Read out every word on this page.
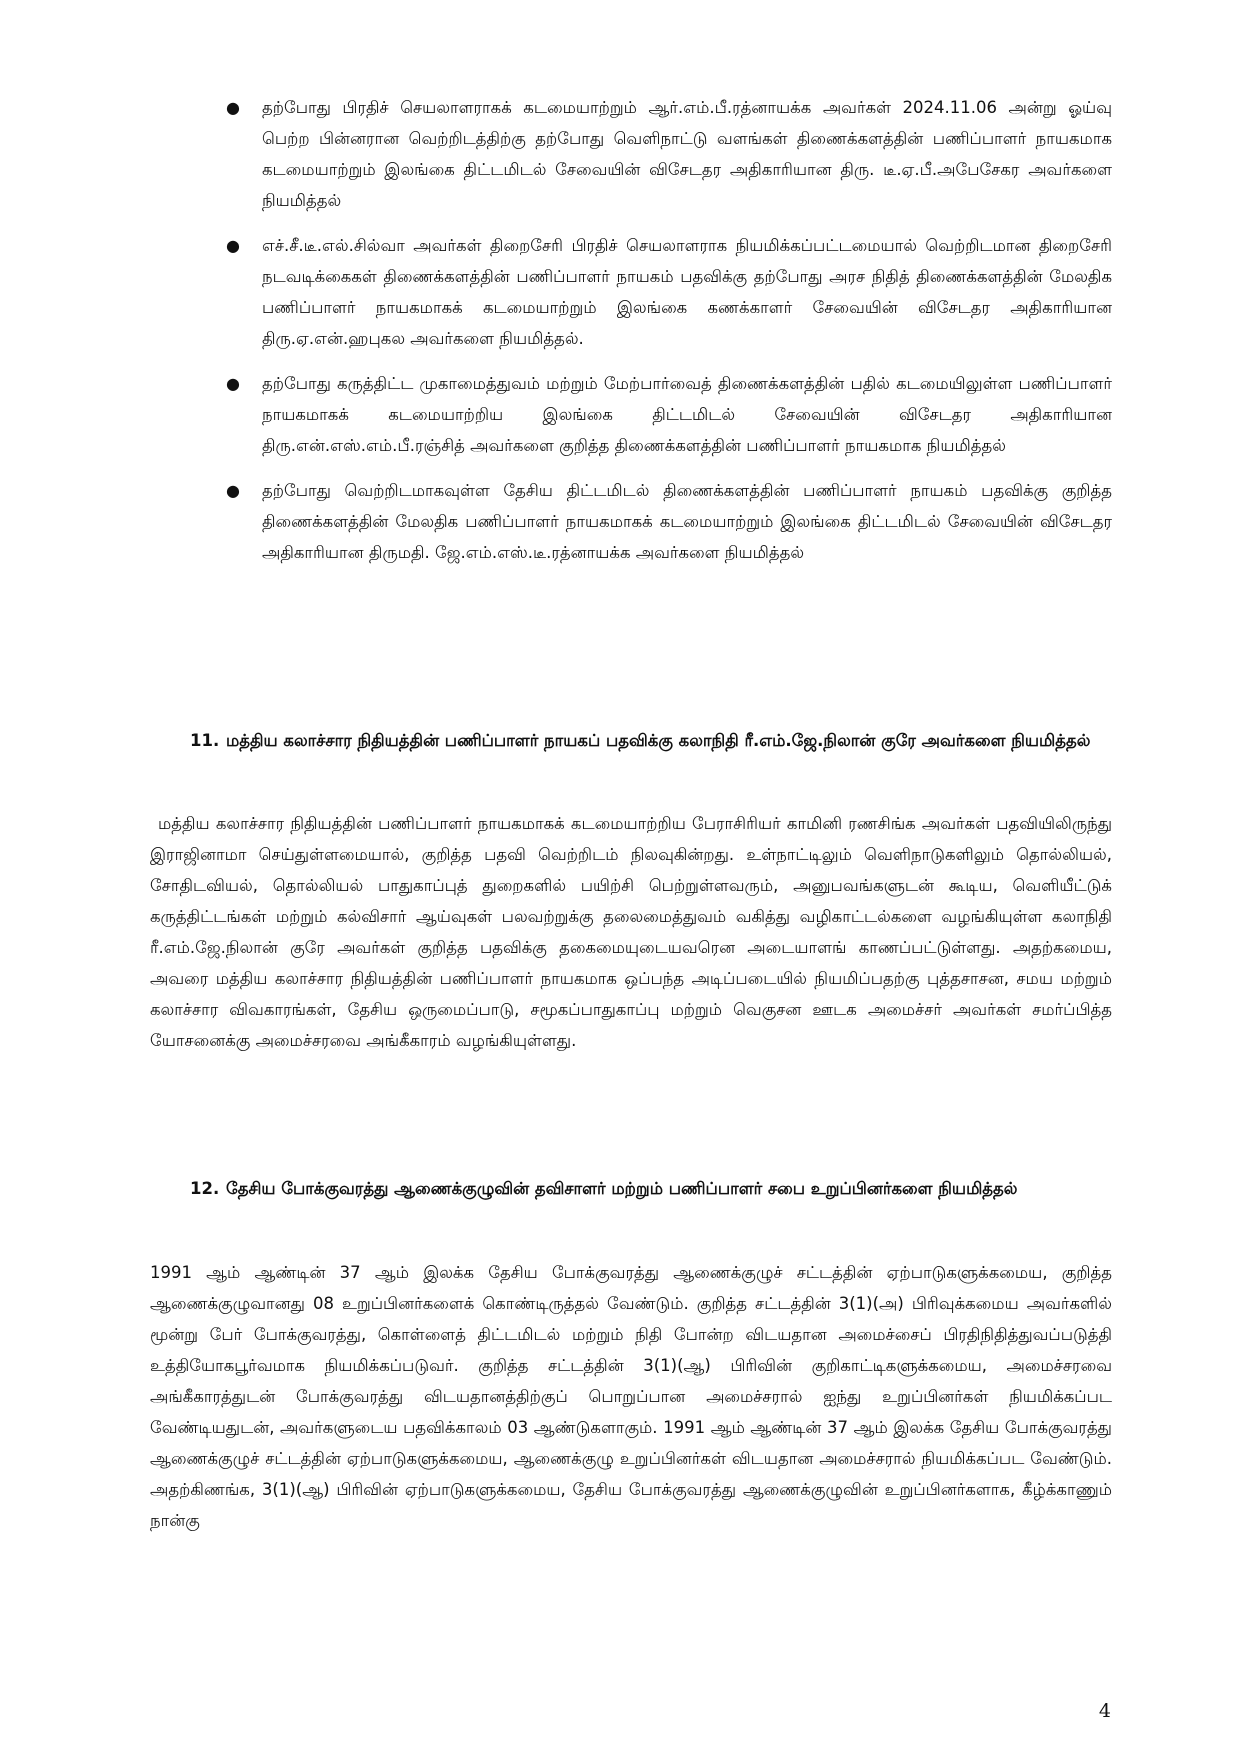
● தற்போது பிரதிச் செயலாளராகக் கடமையாற்றும் ஆர்.எம்.பீ.ரத்னாயக்க அவர்கள் 2024.11.06 அன்று ஓய்வு பெற்ற பின்னரான வெற்றிடத்திற்கு தற்போது வெளிநாட்டு வளங்கள் திணைக்களத்தின் பணிப்பாளர் நாயகமாக கடமையாற்றும் இலங்கை திட்டமிடல் சேவையின் விசேடதர அதிகாரியான திரு. டீ.ஏ.பீ.அபேசேகர அவர்களை நியமித்தல்
● எச்.சீ.டீ.எல்.சில்வா அவர்கள் திறைசேரி பிரதிச் செயலாளராக நியமிக்கப்பட்டமையால் வெற்றிடமான திறைசேரி நடவடிக்கைகள் திணைக்களத்தின் பணிப்பாளர் நாயகம் பதவிக்கு தற்போது அரச நிதித் திணைக்களத்தின் மேலதிக பணிப்பாளர் நாயகமாகக் கடமையாற்றும் இலங்கை கணக்காளர் சேவையின் விசேடதர அதிகாரியான திரு.ஏ.என்.ஹபுகல அவர்களை நியமித்தல்.
● தற்போது கருத்திட்ட முகாமைத்துவம் மற்றும் மேற்பார்வைத் திணைக்களத்தின் பதில் கடமையிலுள்ள பணிப்பாளர் நாயகமாகக் கடமையாற்றிய இலங்கை திட்டமிடல் சேவையின் விசேடதர அதிகாரியான திரு.என்.எஸ்.எம்.பீ.ரஞ்சித் அவர்களை குறித்த திணைக்களத்தின் பணிப்பாளர் நாயகமாக நியமித்தல்
● தற்போது வெற்றிடமாகவுள்ள தேசிய திட்டமிடல் திணைக்களத்தின் பணிப்பாளர் நாயகம் பதவிக்கு குறித்த திணைக்களத்தின் மேலதிக பணிப்பாளர் நாயகமாகக் கடமையாற்றும் இலங்கை திட்டமிடல் சேவையின் விசேடதர அதிகாரியான திருமதி. ஜே.எம்.எஸ்.டீ.ரத்னாயக்க அவர்களை நியமித்தல்
11. மத்திய கலாச்சார நிதியத்தின் பணிப்பாளர் நாயகப் பதவிக்கு கலாநிதி ரீ.எம்.ஜே.நிலான் குரே அவர்களை நியமித்தல்

மத்திய கலாச்சார நிதியத்தின் பணிப்பாளர் நாயகமாகக் கடமையாற்றிய பேராசிரியர் காமினி ரணசிங்க அவர்கள் பதவியிலிருந்து இராஜினாமா செய்துள்ளமையால், குறித்த பதவி வெற்றிடம் நிலவுகின்றது. உள்நாட்டிலும் வெளிநாடுகளிலும் தொல்லியல், சோதிடவியல், தொல்லியல் பாதுகாப்புத் துறைகளில் பயிற்சி பெற்றுள்ளவரும், அனுபவங்களுடன் கூடிய, வெளியீட்டுக் கருத்திட்டங்கள் மற்றும் கல்விசார் ஆய்வுகள் பலவற்றுக்கு தலைமைத்துவம் வகித்து வழிகாட்டல்களை வழங்கியுள்ள கலாநிதி ரீ.எம்.ஜே.நிலான் குரே அவர்கள் குறித்த பதவிக்கு தகைமையுடையவரென அடையாளங் காணப்பட்டுள்ளது. அதற்கமைய, அவரை மத்திய கலாச்சார நிதியத்தின் பணிப்பாளர் நாயகமாக ஒப்பந்த அடிப்படையில் நியமிப்பதற்கு புத்தசாசன, சமய மற்றும் கலாச்சார விவகாரங்கள், தேசிய ஒருமைப்பாடு, சமூகப்பாதுகாப்பு மற்றும் வெகுசன ஊடக அமைச்சர் அவர்கள் சமர்ப்பித்த யோசனைக்கு அமைச்சரவை அங்கீகாரம் வழங்கியுள்ளது.

12. தேசிய போக்குவரத்து ஆணைக்குழுவின் தவிசாளர் மற்றும் பணிப்பாளர் சபை உறுப்பினர்களை நியமித்தல்

1991 ஆம் ஆண்டின் 37 ஆம் இலக்க தேசிய போக்குவரத்து ஆணைக்குழுச் சட்டத்தின் ஏற்பாடுகளுக்கமைய, குறித்த ஆணைக்குழுவானது 08 உறுப்பினர்களைக் கொண்டிருத்தல் வேண்டும். குறித்த சட்டத்தின் 3(1)(அ) பிரிவுக்கமைய அவர்களில் மூன்று பேர் போக்குவரத்து, கொள்ளைத் திட்டமிடல் மற்றும் நிதி போன்ற விடயதான அமைச்சைப் பிரதிநிதித்துவப்படுத்தி உத்தியோகபூர்வமாக நியமிக்கப்படுவர். குறித்த சட்டத்தின் 3(1)(ஆ) பிரிவின் குறிகாட்டிகளுக்கமைய, அமைச்சரவை அங்கீகாரத்துடன் போக்குவரத்து விடயதானத்திற்குப் பொறுப்பான அமைச்சரால் ஐந்து உறுப்பினர்கள் நியமிக்கப்பட வேண்டியதுடன், அவர்களுடைய பதவிக்காலம் 03 ஆண்டுகளாகும். 1991 ஆம் ஆண்டின் 37 ஆம் இலக்க தேசிய போக்குவரத்து ஆணைக்குழுச் சட்டத்தின் ஏற்பாடுகளுக்கமைய, ஆணைக்குழு உறுப்பினர்கள் விடயதான அமைச்சரால் நியமிக்கப்பட வேண்டும். அதற்கிணங்க, 3(1)(ஆ) பிரிவின் ஏற்பாடுகளுக்கமைய, தேசிய போக்குவரத்து ஆணைக்குழுவின் உறுப்பினர்களாக, கீழ்க்காணும் நான்கு

4
